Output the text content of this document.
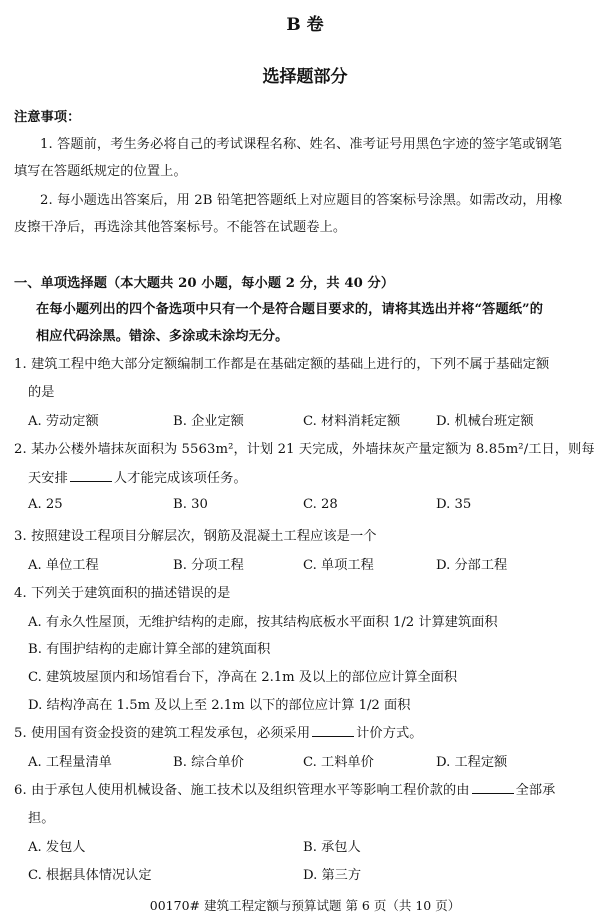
B 卷
选择题部分
注意事项：
1. 答题前，考生务必将自己的考试课程名称、姓名、准考证号用黑色字迹的签字笔或钢笔
填写在答题纸规定的位置上。
2. 每小题选出答案后，用 2B 铅笔把答题纸上对应题目的答案标号涂黑。如需改动，用橡
皮擦干净后，再选涂其他答案标号。不能答在试题卷上。
一、单项选择题（本大题共 20 小题，每小题 2 分，共 40 分）
在每小题列出的四个备选项中只有一个是符合题目要求的，请将其选出并将“答题纸”的
相应代码涂黑。错涂、多涂或未涂均无分。
1. 建筑工程中绝大部分定额编制工作都是在基础定额的基础上进行的，下列不属于基础定额
的是
A. 劳动定额	B. 企业定额	C. 材料消耗定额	D. 机械台班定额
2. 某办公楼外墙抹灰面积为 5563m²，计划 21 天完成，外墙抹灰产量定额为 8.85m²/工日，则每
天安排	人才能完成该项任务。
A. 25	B. 30	C. 28	D. 35
3. 按照建设工程项目分解层次，钢筋及混凝土工程应该是一个
A. 单位工程	B. 分项工程	C. 单项工程	D. 分部工程
4. 下列关于建筑面积的描述错误的是
A. 有永久性屋顶，无维护结构的走廊，按其结构底板水平面积 1/2 计算建筑面积
B. 有围护结构的走廊计算全部的建筑面积
C. 建筑坡屋顶内和场馆看台下，净高在 2.1m 及以上的部位应计算全面积
D. 结构净高在 1.5m 及以上至 2.1m 以下的部位应计算 1/2 面积
5. 使用国有资金投资的建筑工程发承包，必须采用	计价方式。
A. 工程量清单	B. 综合单价	C. 工料单价	D. 工程定额
6. 由于承包人使用机械设备、施工技术以及组织管理水平等影响工程价款的由	全部承
担。
A. 发包人	B. 承包人
C. 根据具体情况认定	D. 第三方
00170# 建筑工程定额与预算试题 第 6 页（共 10 页）
